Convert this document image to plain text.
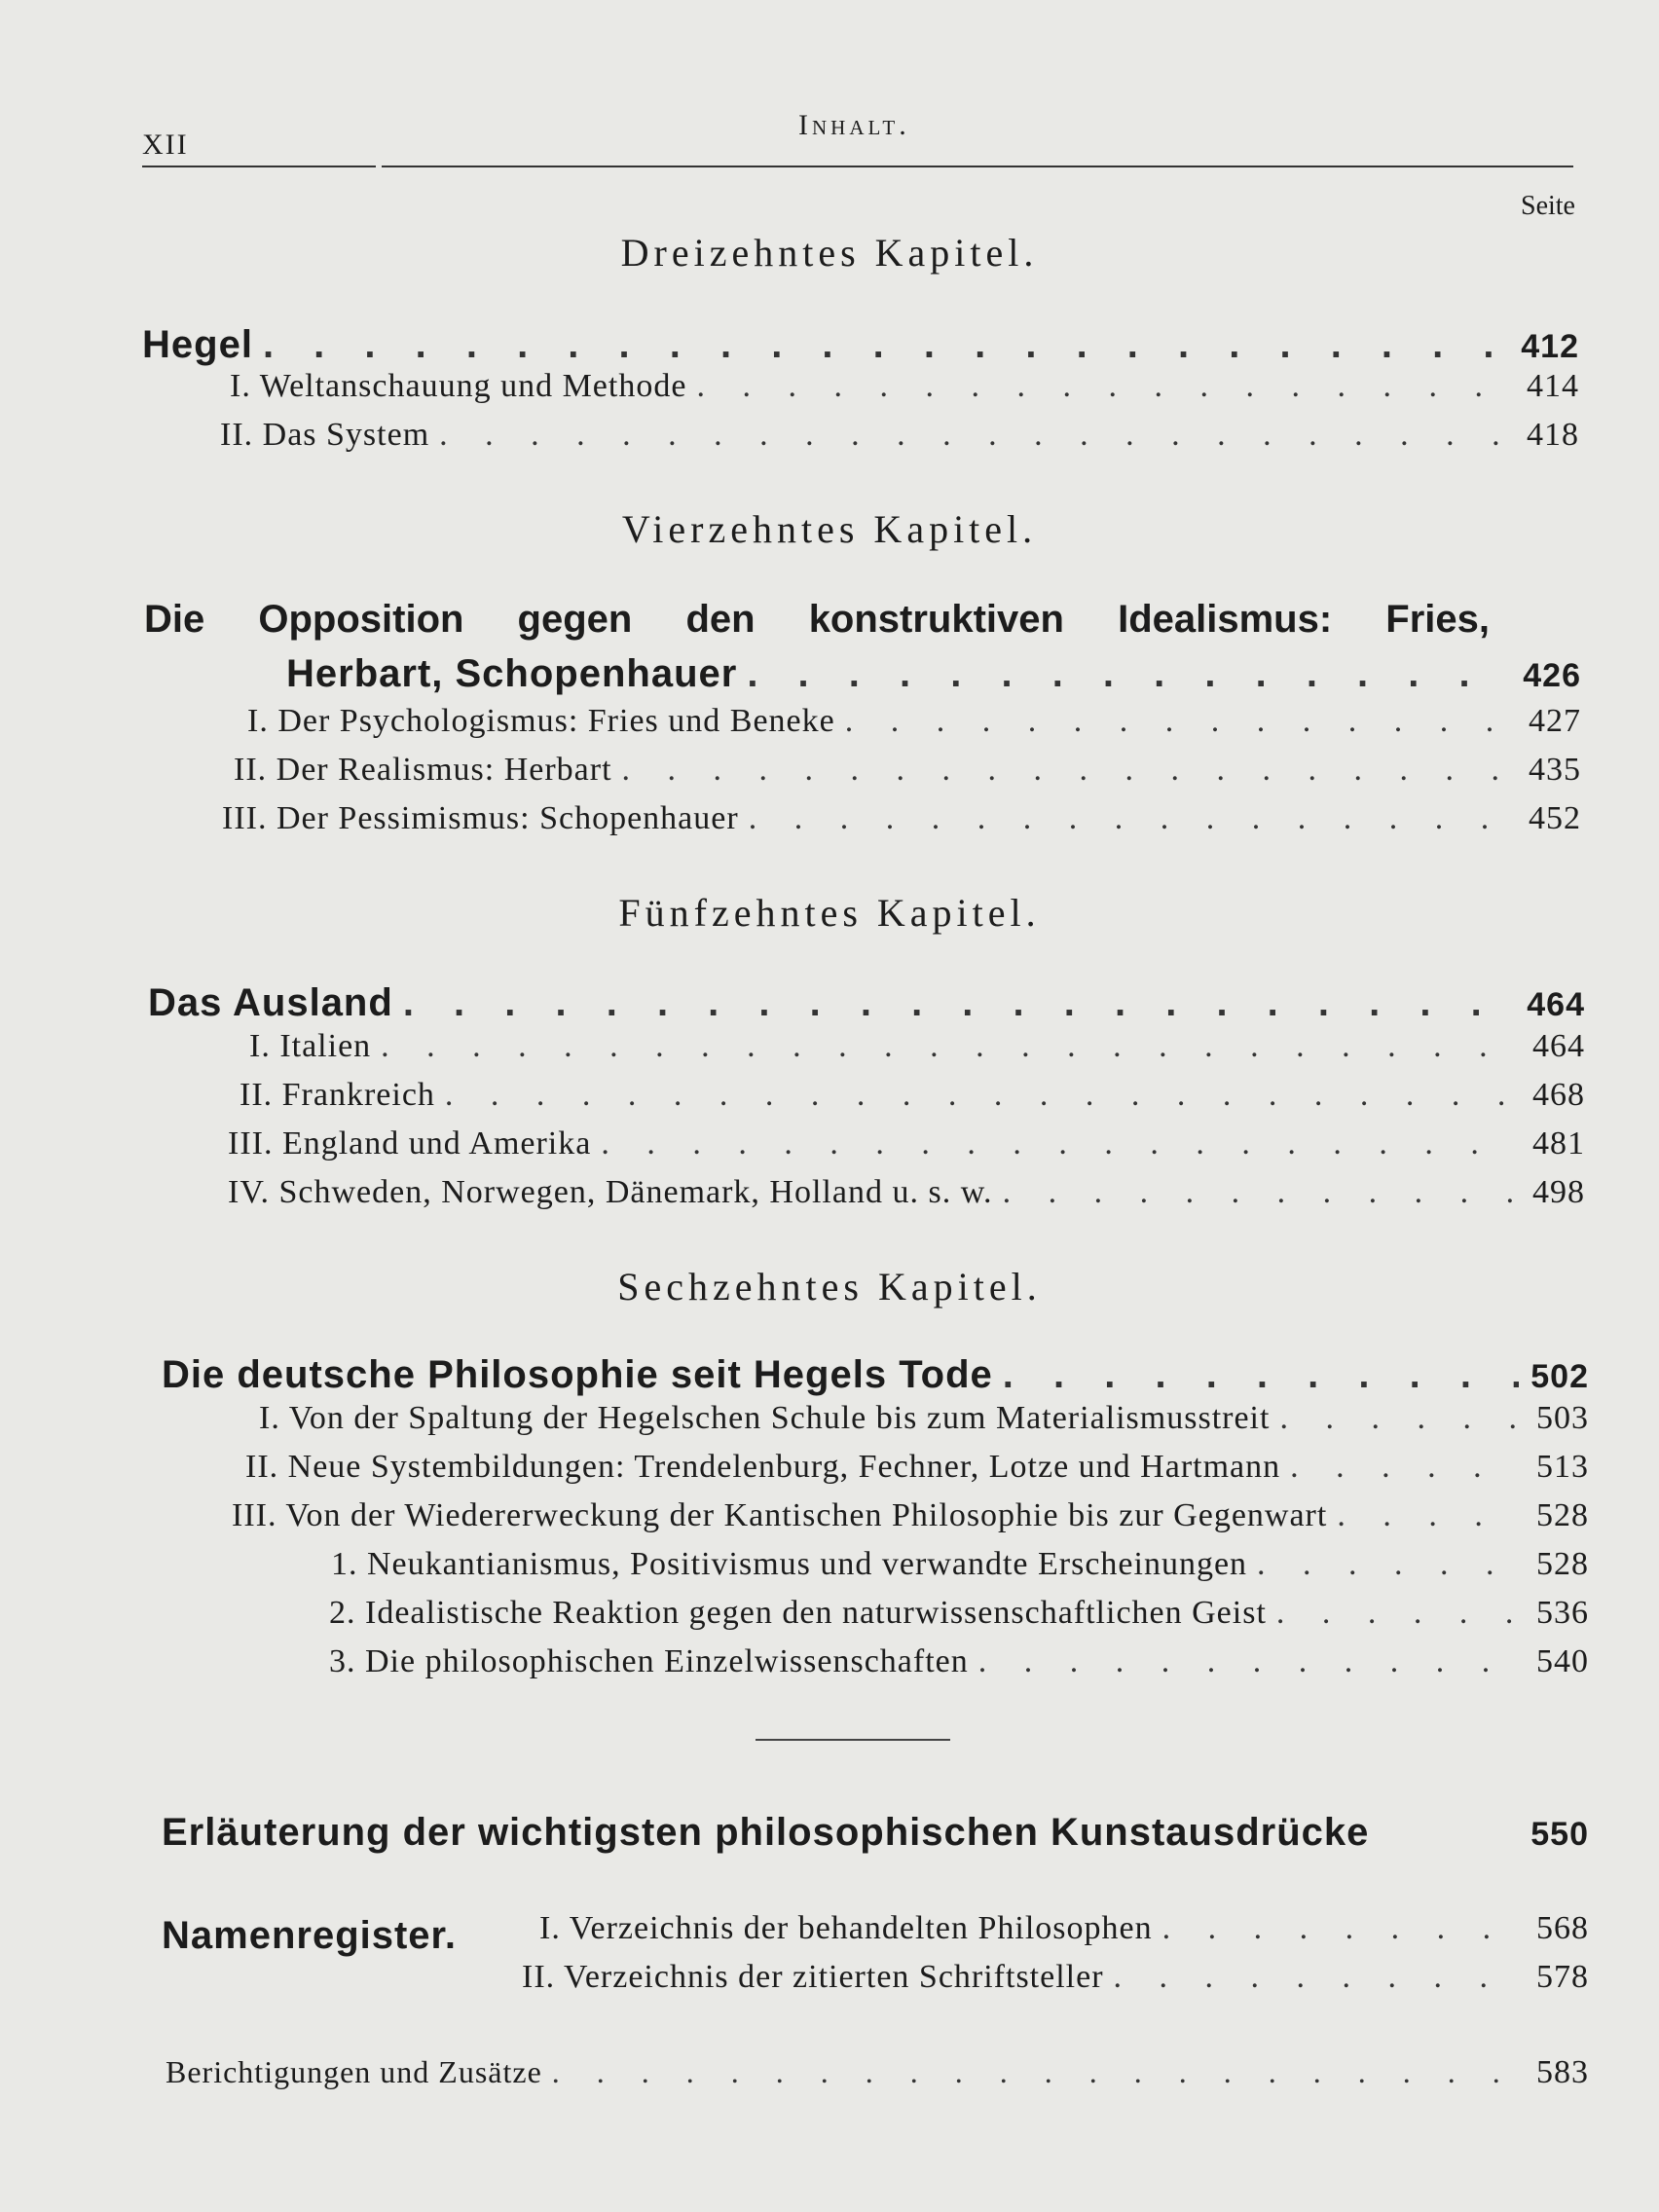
XII
Inhalt.
Seite
Dreizehntes Kapitel.
Hegel . . .	412
I. Weltanschauung und Methode . . .	414
II. Das System . . .	418
Vierzehntes Kapitel.
Die Opposition gegen den konstruktiven Idealismus: Fries,
Herbart, Schopenhauer . . .	426
I. Der Psychologismus: Fries und Beneke . . .	427
II. Der Realismus: Herbart . . .	435
III. Der Pessimismus: Schopenhauer . . .	452
Fünfzehntes Kapitel.
Das Ausland . . .	464
I. Italien . . .	464
II. Frankreich . . .	468
III. England und Amerika . . .	481
IV. Schweden, Norwegen, Dänemark, Holland u. s. w. . . .	498
Sechzehntes Kapitel.
Die deutsche Philosophie seit Hegels Tode . . .	502
I. Von der Spaltung der Hegelschen Schule bis zum Materialismusstreit . . .	503
II. Neue Systembildungen: Trendelenburg, Fechner, Lotze und Hartmann . . .	513
III. Von der Wiedererweckung der Kantischen Philosophie bis zur Gegenwart . . .	528
1. Neukantianismus, Positivismus und verwandte Erscheinungen . . .	528
2. Idealistische Reaktion gegen den naturwissenschaftlichen Geist . . .	536
3. Die philosophischen Einzelwissenschaften . . .	540
Erläuterung der wichtigsten philosophischen Kunstausdrücke	550
Namenregister. I. Verzeichnis der behandelten Philosophen . . .	568
II. Verzeichnis der zitierten Schriftsteller . . .	578
Berichtigungen und Zusätze . . .	583
